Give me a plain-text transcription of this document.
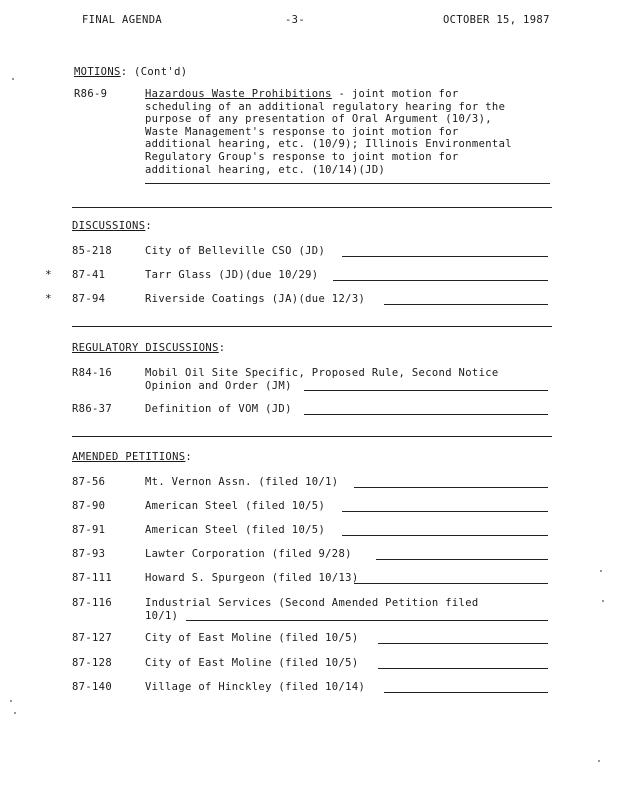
FINAL AGENDA	-3-	OCTOBER 15, 1987
MOTIONS: (Cont'd)
R86-9	Hazardous Waste Prohibitions - joint motion for
scheduling of an additional regulatory hearing for the
purpose of any presentation of Oral Argument (10/3),
Waste Management's response to joint motion for
additional hearing, etc. (10/9); Illinois Environmental
Regulatory Group's response to joint motion for
additional hearing, etc. (10/14)(JD)
DISCUSSIONS:
85-218	City of Belleville CSO (JD)
* 87-41	Tarr Glass (JD)(due 10/29)
* 87-94	Riverside Coatings (JA)(due 12/3)
REGULATORY DISCUSSIONS:
R84-16	Mobil Oil Site Specific, Proposed Rule, Second Notice
Opinion and Order (JM)
R86-37	Definition of VOM (JD)
AMENDED PETITIONS:
87-56	Mt. Vernon Assn. (filed 10/1)
87-90	American Steel (filed 10/5)
87-91	American Steel (filed 10/5)
87-93	Lawter Corporation (filed 9/28)
87-111	Howard S. Spurgeon (filed 10/13)
87-116	Industrial Services (Second Amended Petition filed
10/1)
87-127	City of East Moline (filed 10/5)
87-128	City of East Moline (filed 10/5)
87-140	Village of Hinckley (filed 10/14)
